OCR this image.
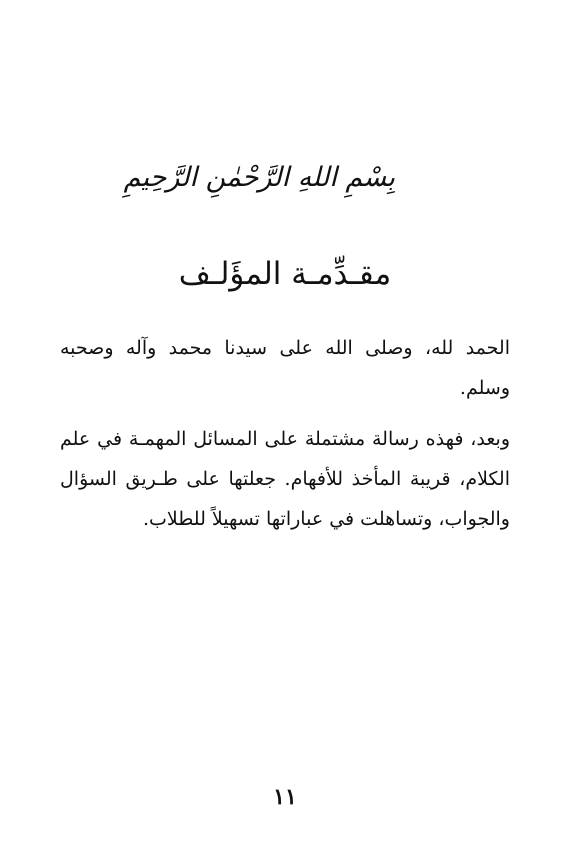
بِسْمِ اللهِ الرَّحْمٰنِ الرَّحِيمِ
مقـدِّمـة المؤَلـف

الحمد لله، وصلى الله على سيدنا محمد وآله وصحبه وسلم.

وبعد، فهذه رسالة مشتملة على المسائل المهمـة في علم الكلام، قريبة المأخذ للأفهام. جعلتها على طـريق السؤال والجواب، وتساهلت في عباراتها تسهيلاً للطلاب.

١١
